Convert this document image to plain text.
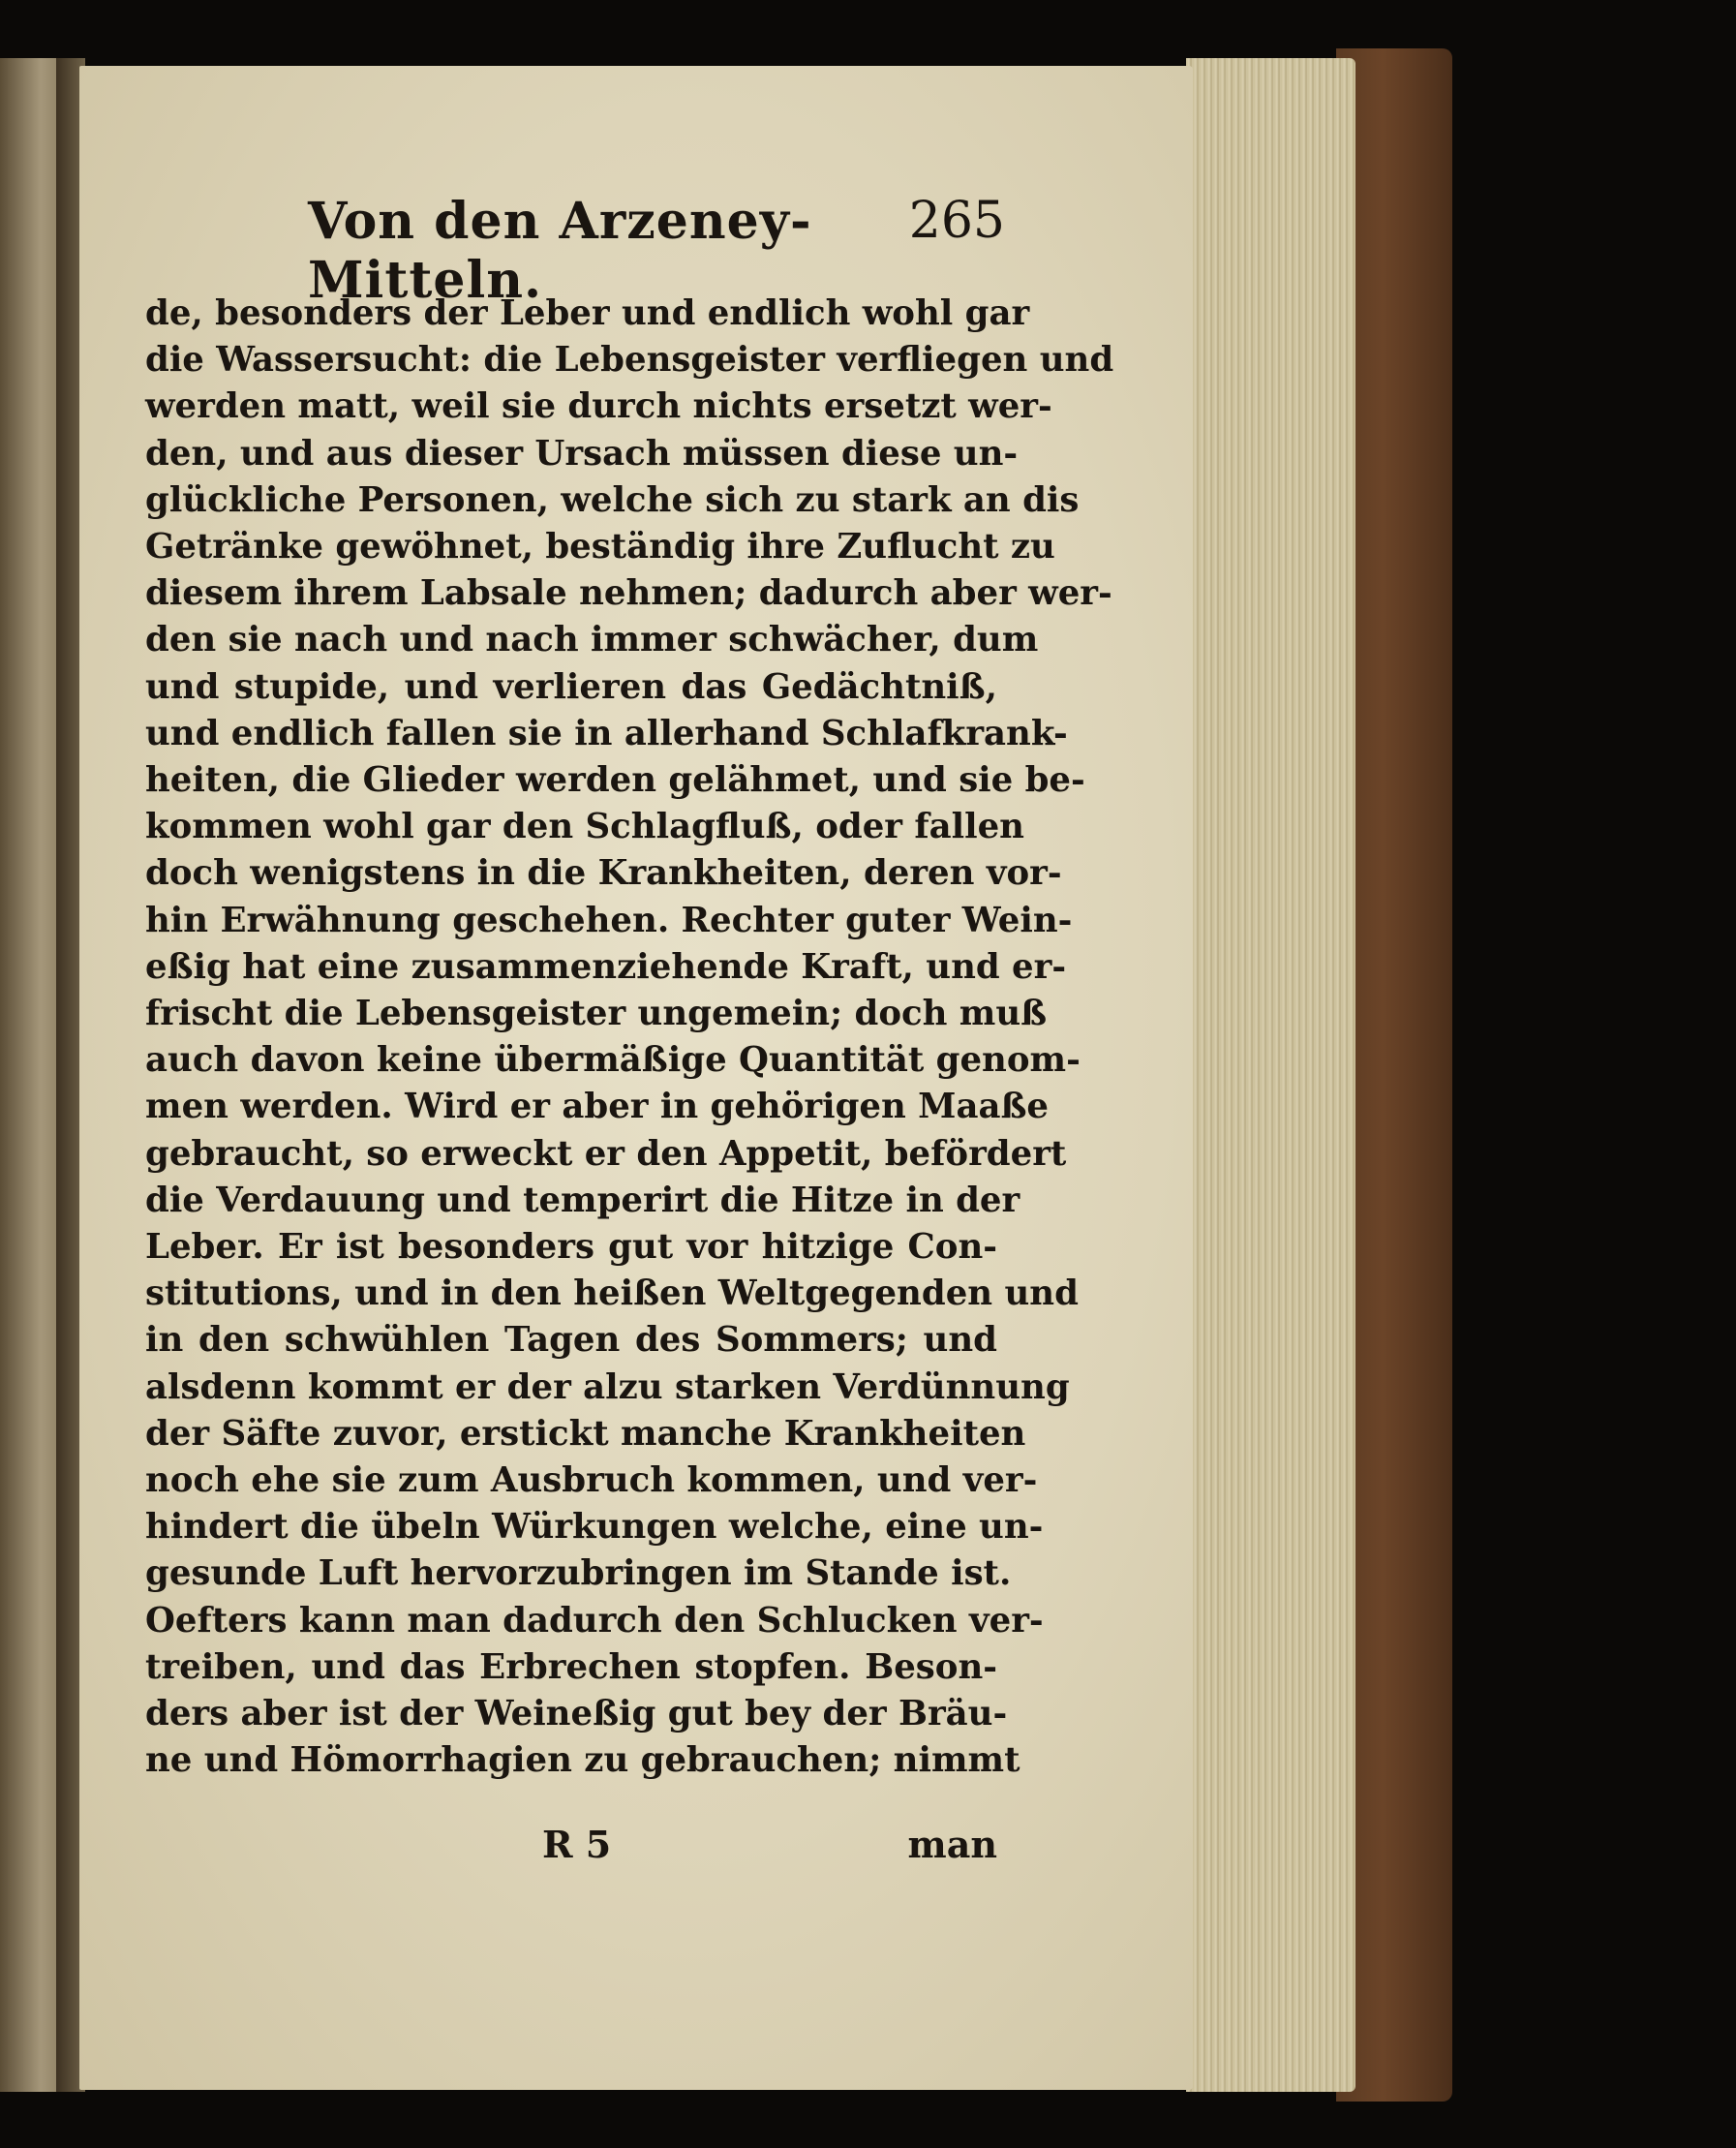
Von den Arzeney-Mitteln.
265
de, besonders der Leber und endlich wohl gar
die Wassersucht: die Lebensgeister verfliegen und
werden matt, weil sie durch nichts ersetzt wer-
den, und aus dieser Ursach müssen diese un-
glückliche Personen, welche sich zu stark an dis
Getränke gewöhnet, beständig ihre Zuflucht zu
diesem ihrem Labsale nehmen; dadurch aber wer-
den sie nach und nach immer schwächer, dum
und stupide, und verlieren das Gedächtniß,
und endlich fallen sie in allerhand Schlafkrank-
heiten, die Glieder werden gelähmet, und sie be-
kommen wohl gar den Schlagfluß, oder fallen
doch wenigstens in die Krankheiten, deren vor-
hin Erwähnung geschehen. Rechter guter Wein-
eßig hat eine zusammenziehende Kraft, und er-
frischt die Lebensgeister ungemein; doch muß
auch davon keine übermäßige Quantität genom-
men werden. Wird er aber in gehörigen Maaße
gebraucht, so erweckt er den Appetit, befördert
die Verdauung und temperirt die Hitze in der
Leber. Er ist besonders gut vor hitzige Con-
stitutions, und in den heißen Weltgegenden und
in den schwühlen Tagen des Sommers; und
alsdenn kommt er der alzu starken Verdünnung
der Säfte zuvor, erstickt manche Krankheiten
noch ehe sie zum Ausbruch kommen, und ver-
hindert die übeln Würkungen welche, eine un-
gesunde Luft hervorzubringen im Stande ist.
Oefters kann man dadurch den Schlucken ver-
treiben, und das Erbrechen stopfen. Beson-
ders aber ist der Weineßig gut bey der Bräu-
ne und Hömorrhagien zu gebrauchen; nimmt
R 5	man
